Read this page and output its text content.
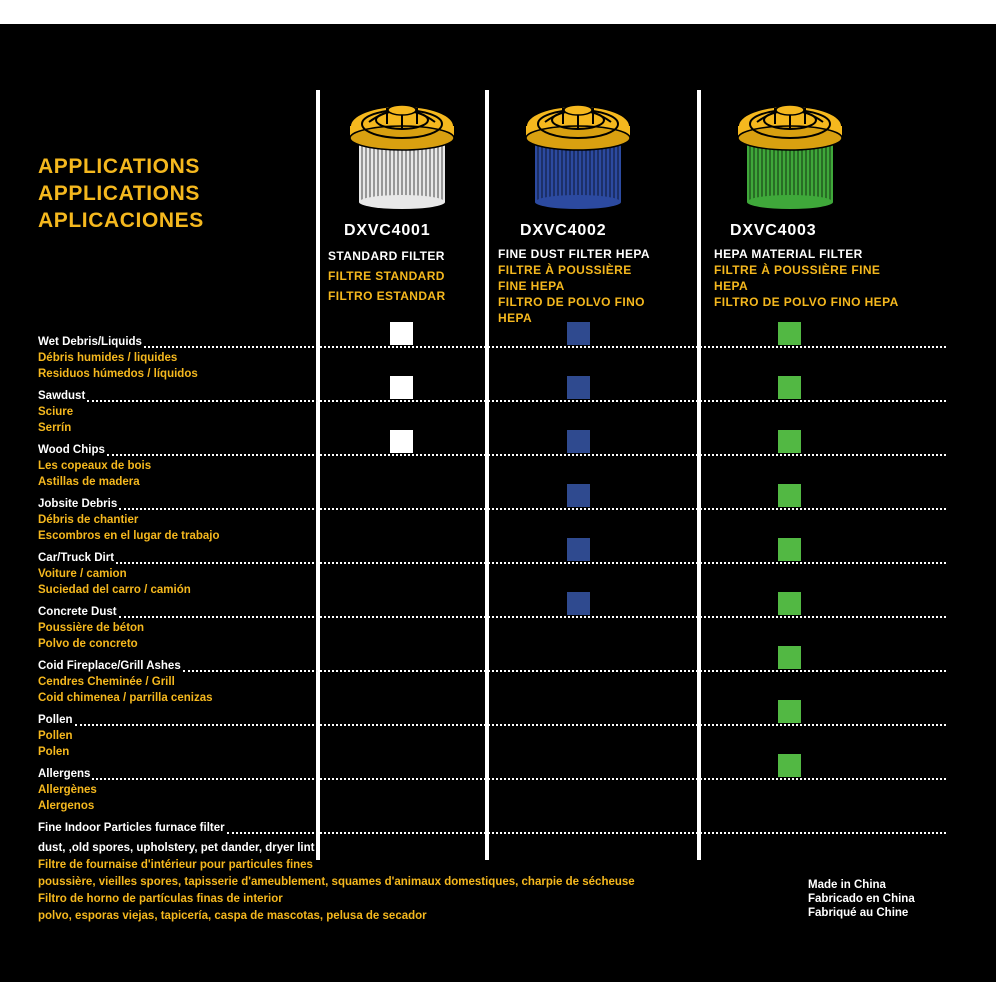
APPLICATIONS
APPLICATIONS
APLICACIONES	DXVC4001
STANDARD FILTER
FILTRE STANDARD
FILTRO ESTANDAR
DXVC4002
FINE DUST FILTER HEPA
FILTRE À POUSSIÈRE
FINE HEPA
FILTRO DE POLVO FINO
HEPA
DXVC4003
HEPA MATERIAL FILTER
FILTRE À POUSSIÈRE FINE
HEPA
FILTRO DE POLVO FINO HEPA
Wet Debris/Liquids
Débris humides / liquides
Residuos húmedos / líquidos
Sawdust
Sciure
Serrín
Wood Chips
Les copeaux de bois
Astillas de madera
Jobsite Debris
Débris de chantier
Escombros en el lugar de trabajo
Car/Truck Dirt
Voiture / camion
Suciedad del carro / camión
Concrete Dust
Poussière de béton
Polvo de concreto
Coid Fireplace/Grill Ashes
Cendres Cheminée / Grill
Coid chimenea / parrilla cenizas
Pollen
Pollen
Polen
Allergens
Allergènes
Alergenos
Fine Indoor Particles furnace filter
dust, ,old spores, upholstery, pet dander, dryer lint
Filtre de fournaise d'intérieur pour particules fines
poussière, vieilles spores, tapisserie d'ameublement, squames d'animaux domestiques, charpie de sécheuse
Filtro de horno de partículas finas de interior
polvo, esporas viejas, tapicería, caspa de mascotas, pelusa de secador
Made in China
Fabricado en China
Fabriqué au Chine
